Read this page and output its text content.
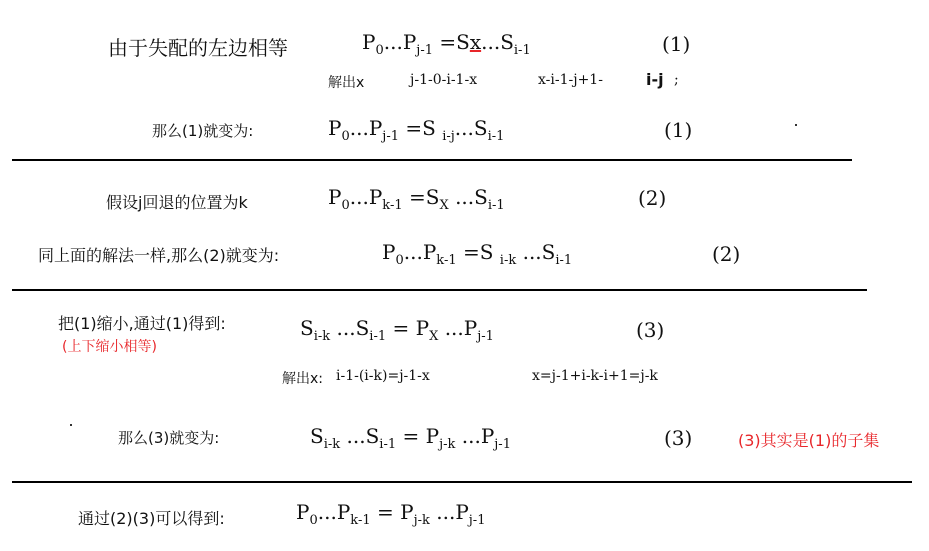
由于失配的左边相等	$P_0...P_{j-1} =Sx...S_{i-1}$	(1)
解出x	j-1-0-i-1-x	x-i-1-j+1-	i-j ;
那么(1)就变为:	$P_0...P_{j-1} =S$ $_{i-j}...S_{i-1}$	(1)
假设j回退的位置为k	$P_0...P_{k-1} =S_X$ $...S_{i-1}$	(2)
同上面的解法一样,那么(2)就变为:	$P_0...P_{k-1} =S$ $_{i-k}$ $...S_{i-1}$	(2)
把(1)缩小,通过(1)得到:
(上下缩小相等)
$S_{i-k}$ $...S_{i-1} = P_X$ $...P_{j-1}$	(3)
解出x: i-1-(i-k)=j-1-x	x=j-1+i-k-i+1=j-k
那么(3)就变为:	$S_{i-k}$ $...S_{i-1} = P_{j-k}$ $...P_{j-1}$	(3)	(3)其实是(1)的子集
通过(2)(3)可以得到:	$P_0...P_{k-1} = P_{j-k}$ $...P_{j-1}$
